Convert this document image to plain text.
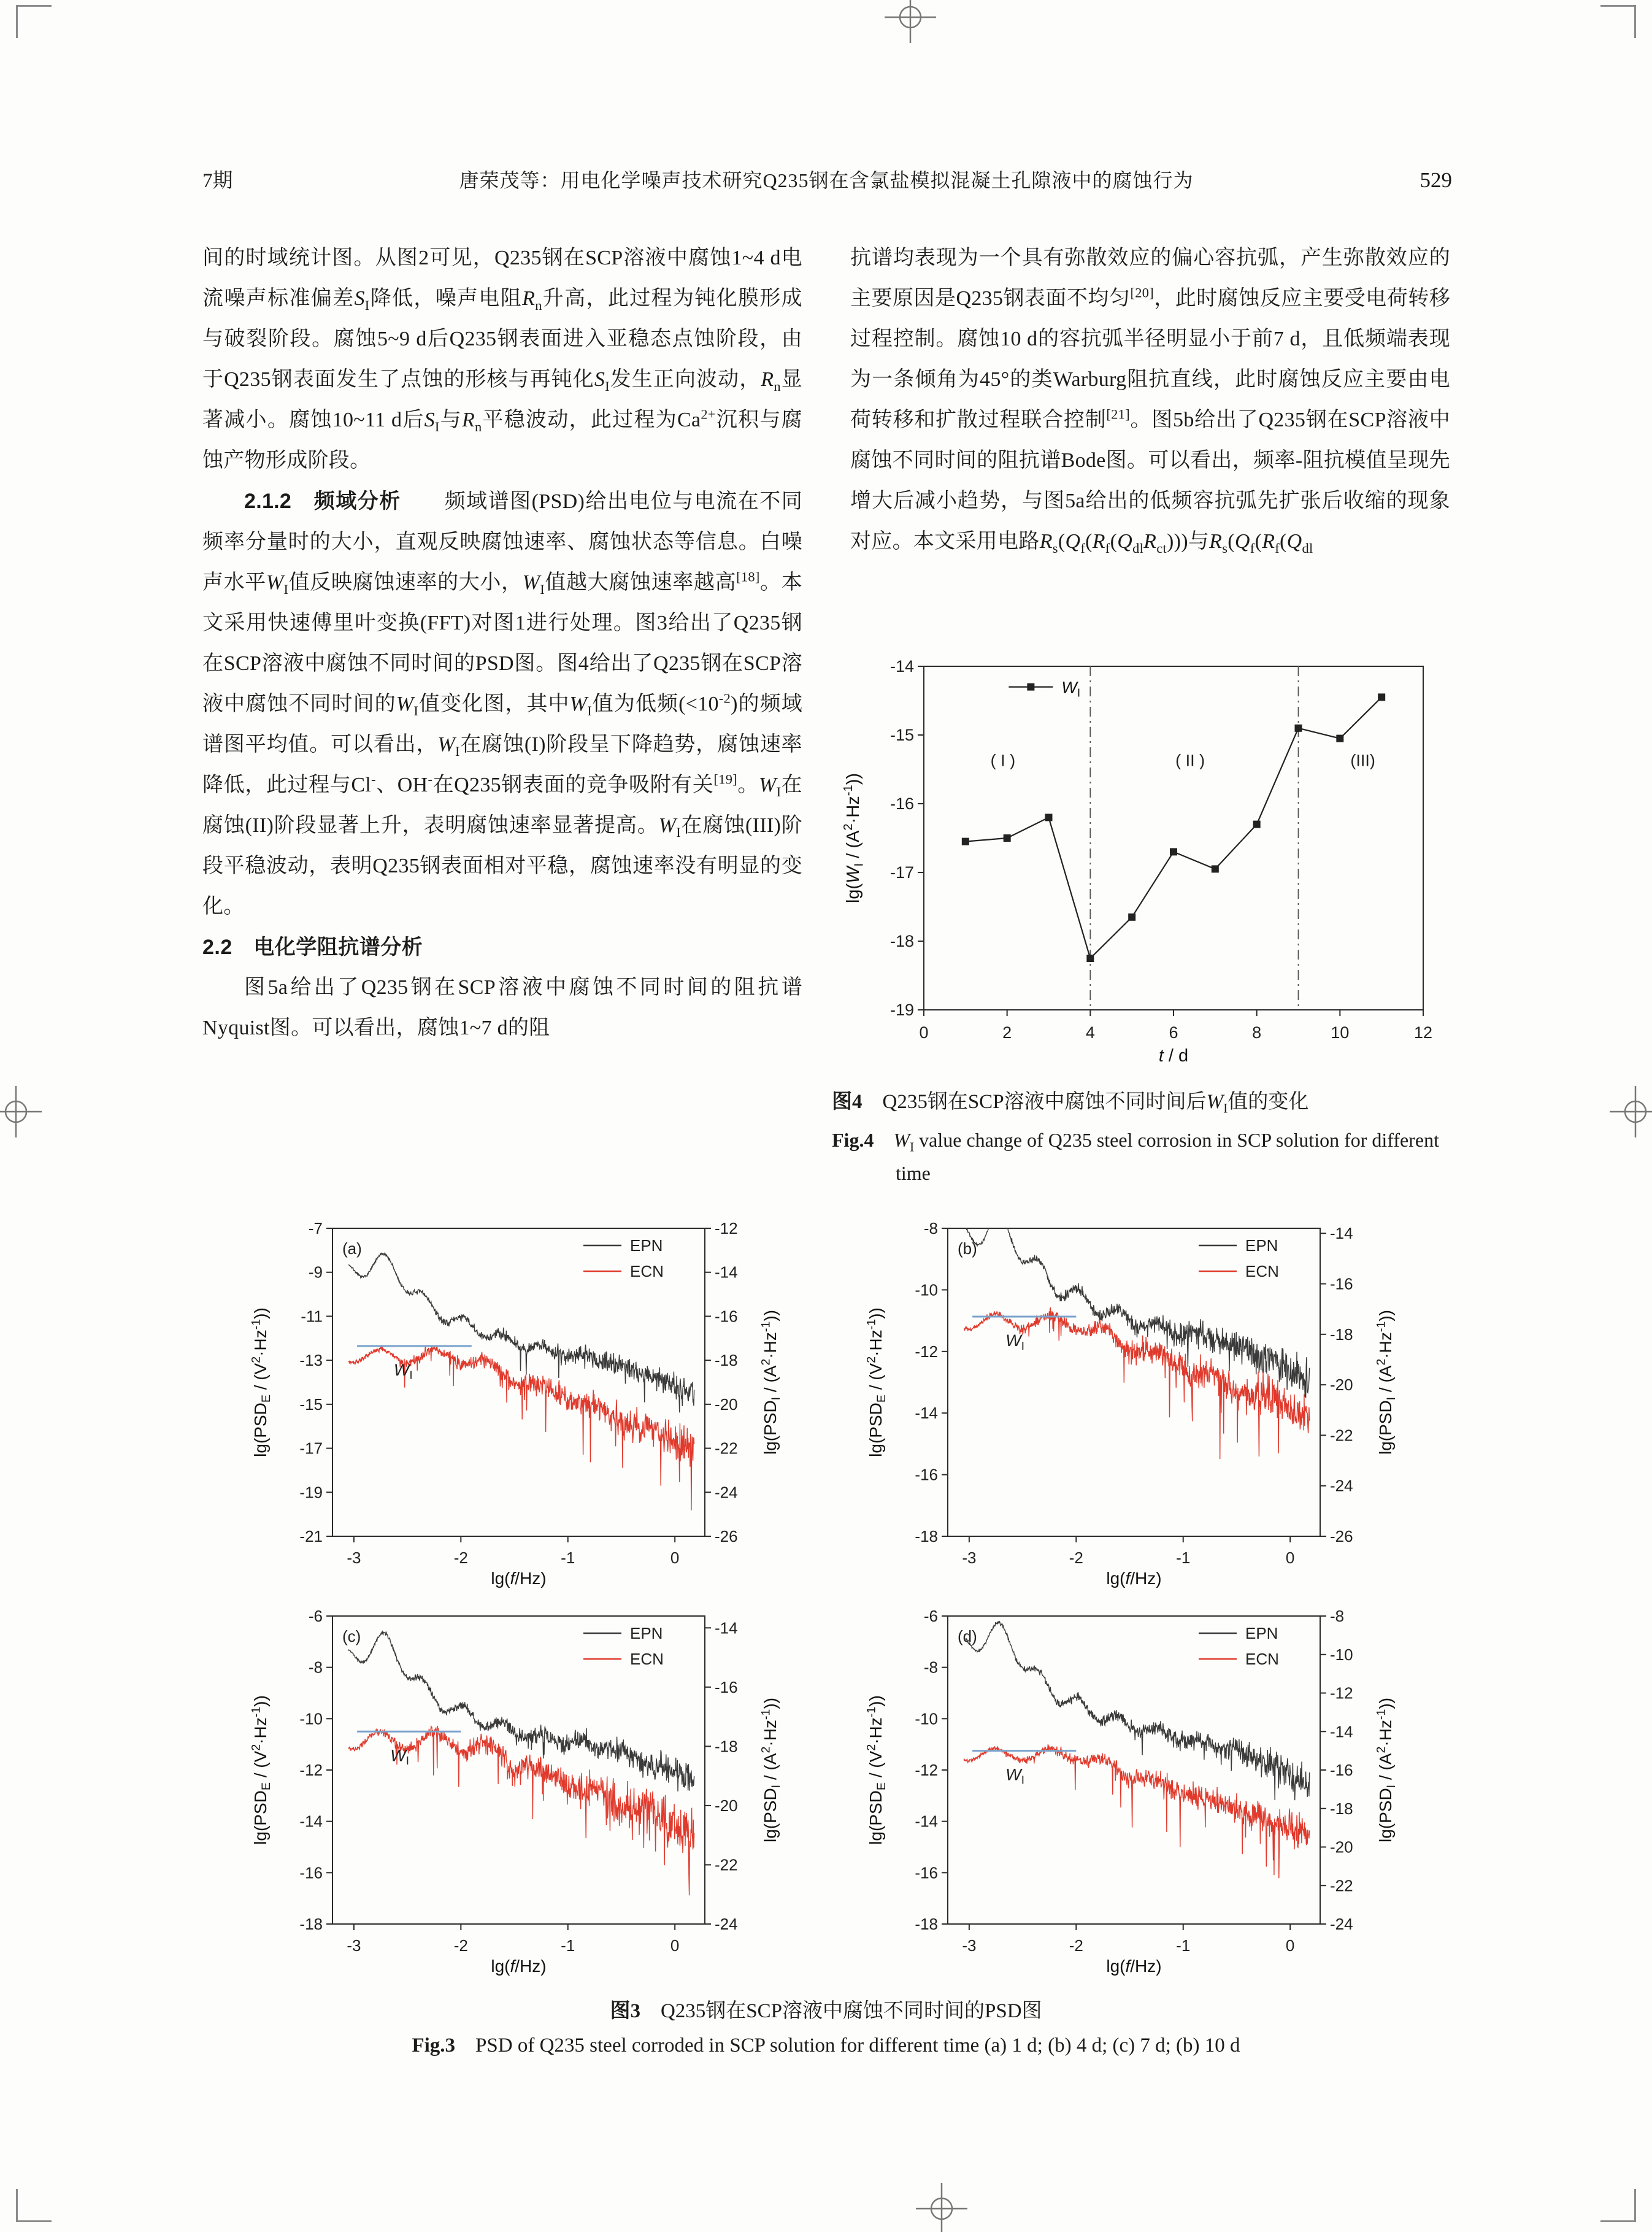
7期	唐荣茂等：用电化学噪声技术研究Q235钢在含氯盐模拟混凝土孔隙液中的腐蚀行为	529

间的时域统计图。从图2可见，Q235钢在SCP溶液中腐蚀1~4 d电流噪声标准偏差$S_I$降低，噪声电阻$R_n$升高，此过程为钝化膜形成与破裂阶段。腐蚀5~9 d后Q235钢表面进入亚稳态点蚀阶段，由于Q235钢表面发生了点蚀的形核与再钝化$S_I$发生正向波动，$R_n$显著减小。腐蚀10~11 d后$S_I$与$R_n$平稳波动，此过程为$Ca^{2+}$沉积与腐蚀产物形成阶段。

2.1.2　频域分析　　频域谱图(PSD)给出电位与电流在不同频率分量时的大小，直观反映腐蚀速率、腐蚀状态等信息。白噪声水平$W_I$值反映腐蚀速率的大小，$W_I$值越大腐蚀速率越高[18]。本文采用快速傅里叶变换(FFT)对图1进行处理。图3给出了Q235钢在SCP溶液中腐蚀不同时间的PSD图。图4给出了Q235钢在SCP溶液中腐蚀不同时间的$W_I$值变化图，其中$W_I$值为低频$(<10^{-2})$的频域谱图平均值。可以看出，$W_I$在腐蚀(I)阶段呈下降趋势，腐蚀速率降低，此过程与Cl-、OH-在Q235钢表面的竞争吸附有关[19]。$W_I$在腐蚀(II)阶段显著上升，表明腐蚀速率显著提高。$W_I$在腐蚀(III)阶段平稳波动，表明Q235钢表面相对平稳，腐蚀速率没有明显的变化。

2.2　电化学阻抗谱分析

图5a给出了Q235钢在SCP溶液中腐蚀不同时间的阻抗谱Nyquist图。可以看出，腐蚀1~7 d的阻

抗谱均表现为一个具有弥散效应的偏心容抗弧，产生弥散效应的主要原因是Q235钢表面不均匀[20]，此时腐蚀反应主要受电荷转移过程控制。腐蚀10 d的容抗弧半径明显小于前7 d，且低频端表现为一条倾角为45°的类Warburg阻抗直线，此时腐蚀反应主要由电荷转移和扩散过程联合控制[21]。图5b给出了Q235钢在SCP溶液中腐蚀不同时间的阻抗谱Bode图。可以看出，频率-阻抗模值呈现先增大后减小趋势，与图5a给出的低频容抗弧先扩张后收缩的现象对应。本文采用电路$R_s(Q_f(R_f(Q_{dl}R_{ct})))$与$R_s(Q_f(R_f(Q_{dl}$

0	2	4	6	8	10	12
-19
-18
-17
-16
-15
-14
t / d
$\lg(W_I / (A^2\cdot Hz^{-1}))$
( I )	( II )	(III)
$W_I$

图4　Q235钢在SCP溶液中腐蚀不同时间后$W_I$值的变化

Fig.4　 $W_I$ value change of Q235 steel corrosion in SCP solution for different time

-3	-2	-1	0
-21
-19
-17
-15
-13
-11
-9
-7
-26
-24
-22
-20
-18
-16
-14
-12
$\lg(PSD_E / (V^2\cdot Hz^{-1}))$
$\lg(PSD_I / (A^2\cdot Hz^{-1}))$
lg(f/Hz)
(a)
$W_I$
EPN
ECN
-3	-2	-1	0
-18
-16
-14
-12
-10
-8
-26
-24
-22
-20
-18
-16
-14
$\lg(PSD_E / (V^2\cdot Hz^{-1}))$
$\lg(PSD_I / (A^2\cdot Hz^{-1}))$
lg(f/Hz)
(b)
$W_I$
EPN
ECN
-3	-2	-1	0
-18
-16
-14
-12
-10
-8
-6
-24
-22
-20
-18
-16
-14
$\lg(PSD_E / (V^2\cdot Hz^{-1}))$
$\lg(PSD_I / (A^2\cdot Hz^{-1}))$
lg(f/Hz)
(c)
$W_I$
EPN
ECN
-3	-2	-1	0
-18
-16
-14
-12
-10
-8
-6
-24
-22
-20
-18
-16
-14
-12
-10
-8
$\lg(PSD_E / (V^2\cdot Hz^{-1}))$
$\lg(PSD_I / (A^2\cdot Hz^{-1}))$
lg(f/Hz)
(d)
$W_I$
EPN
ECN

图3　Q235钢在SCP溶液中腐蚀不同时间的PSD图

Fig.3　PSD of Q235 steel corroded in SCP solution for different time (a) 1 d; (b) 4 d; (c) 7 d; (b) 10 d
